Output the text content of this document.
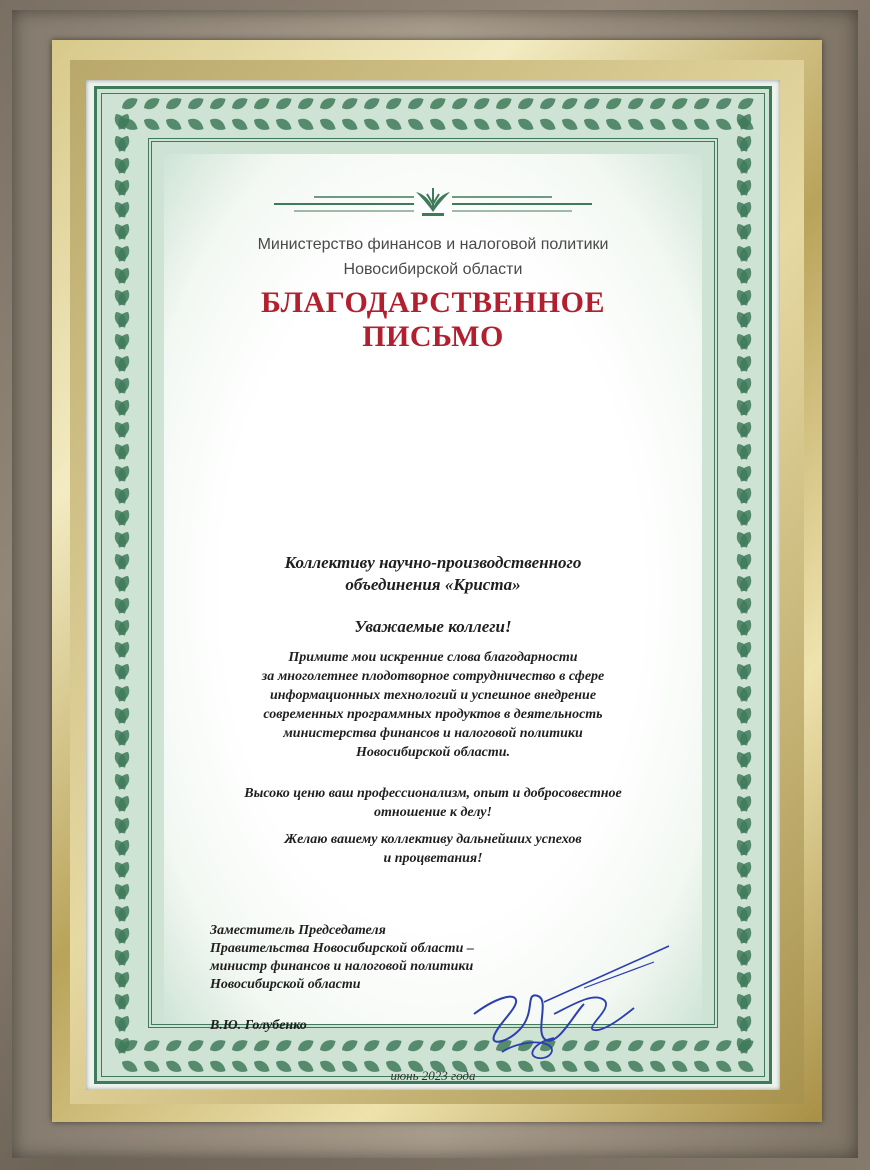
Министерство финансов и налоговой политики
Новосибирской области
БЛАГОДАРСТВЕННОЕ
ПИСЬМО
Коллективу научно-производственного
объединения «Криста»
Уважаемые коллеги!
Примите мои искренние слова благодарности
за многолетнее плодотворное сотрудничество в сфере
информационных технологий и успешное внедрение
современных программных продуктов в деятельность
министерства финансов и налоговой политики
Новосибирской области.
Высоко ценю ваш профессионализм, опыт и добросовестное
отношение к делу!
Желаю вашему коллективу дальнейших успехов
и процветания!
Заместитель Председателя
Правительства Новосибирской области –
министр финансов и налоговой политики
Новосибирской области
В.Ю. Голубенко
июнь 2023 года
